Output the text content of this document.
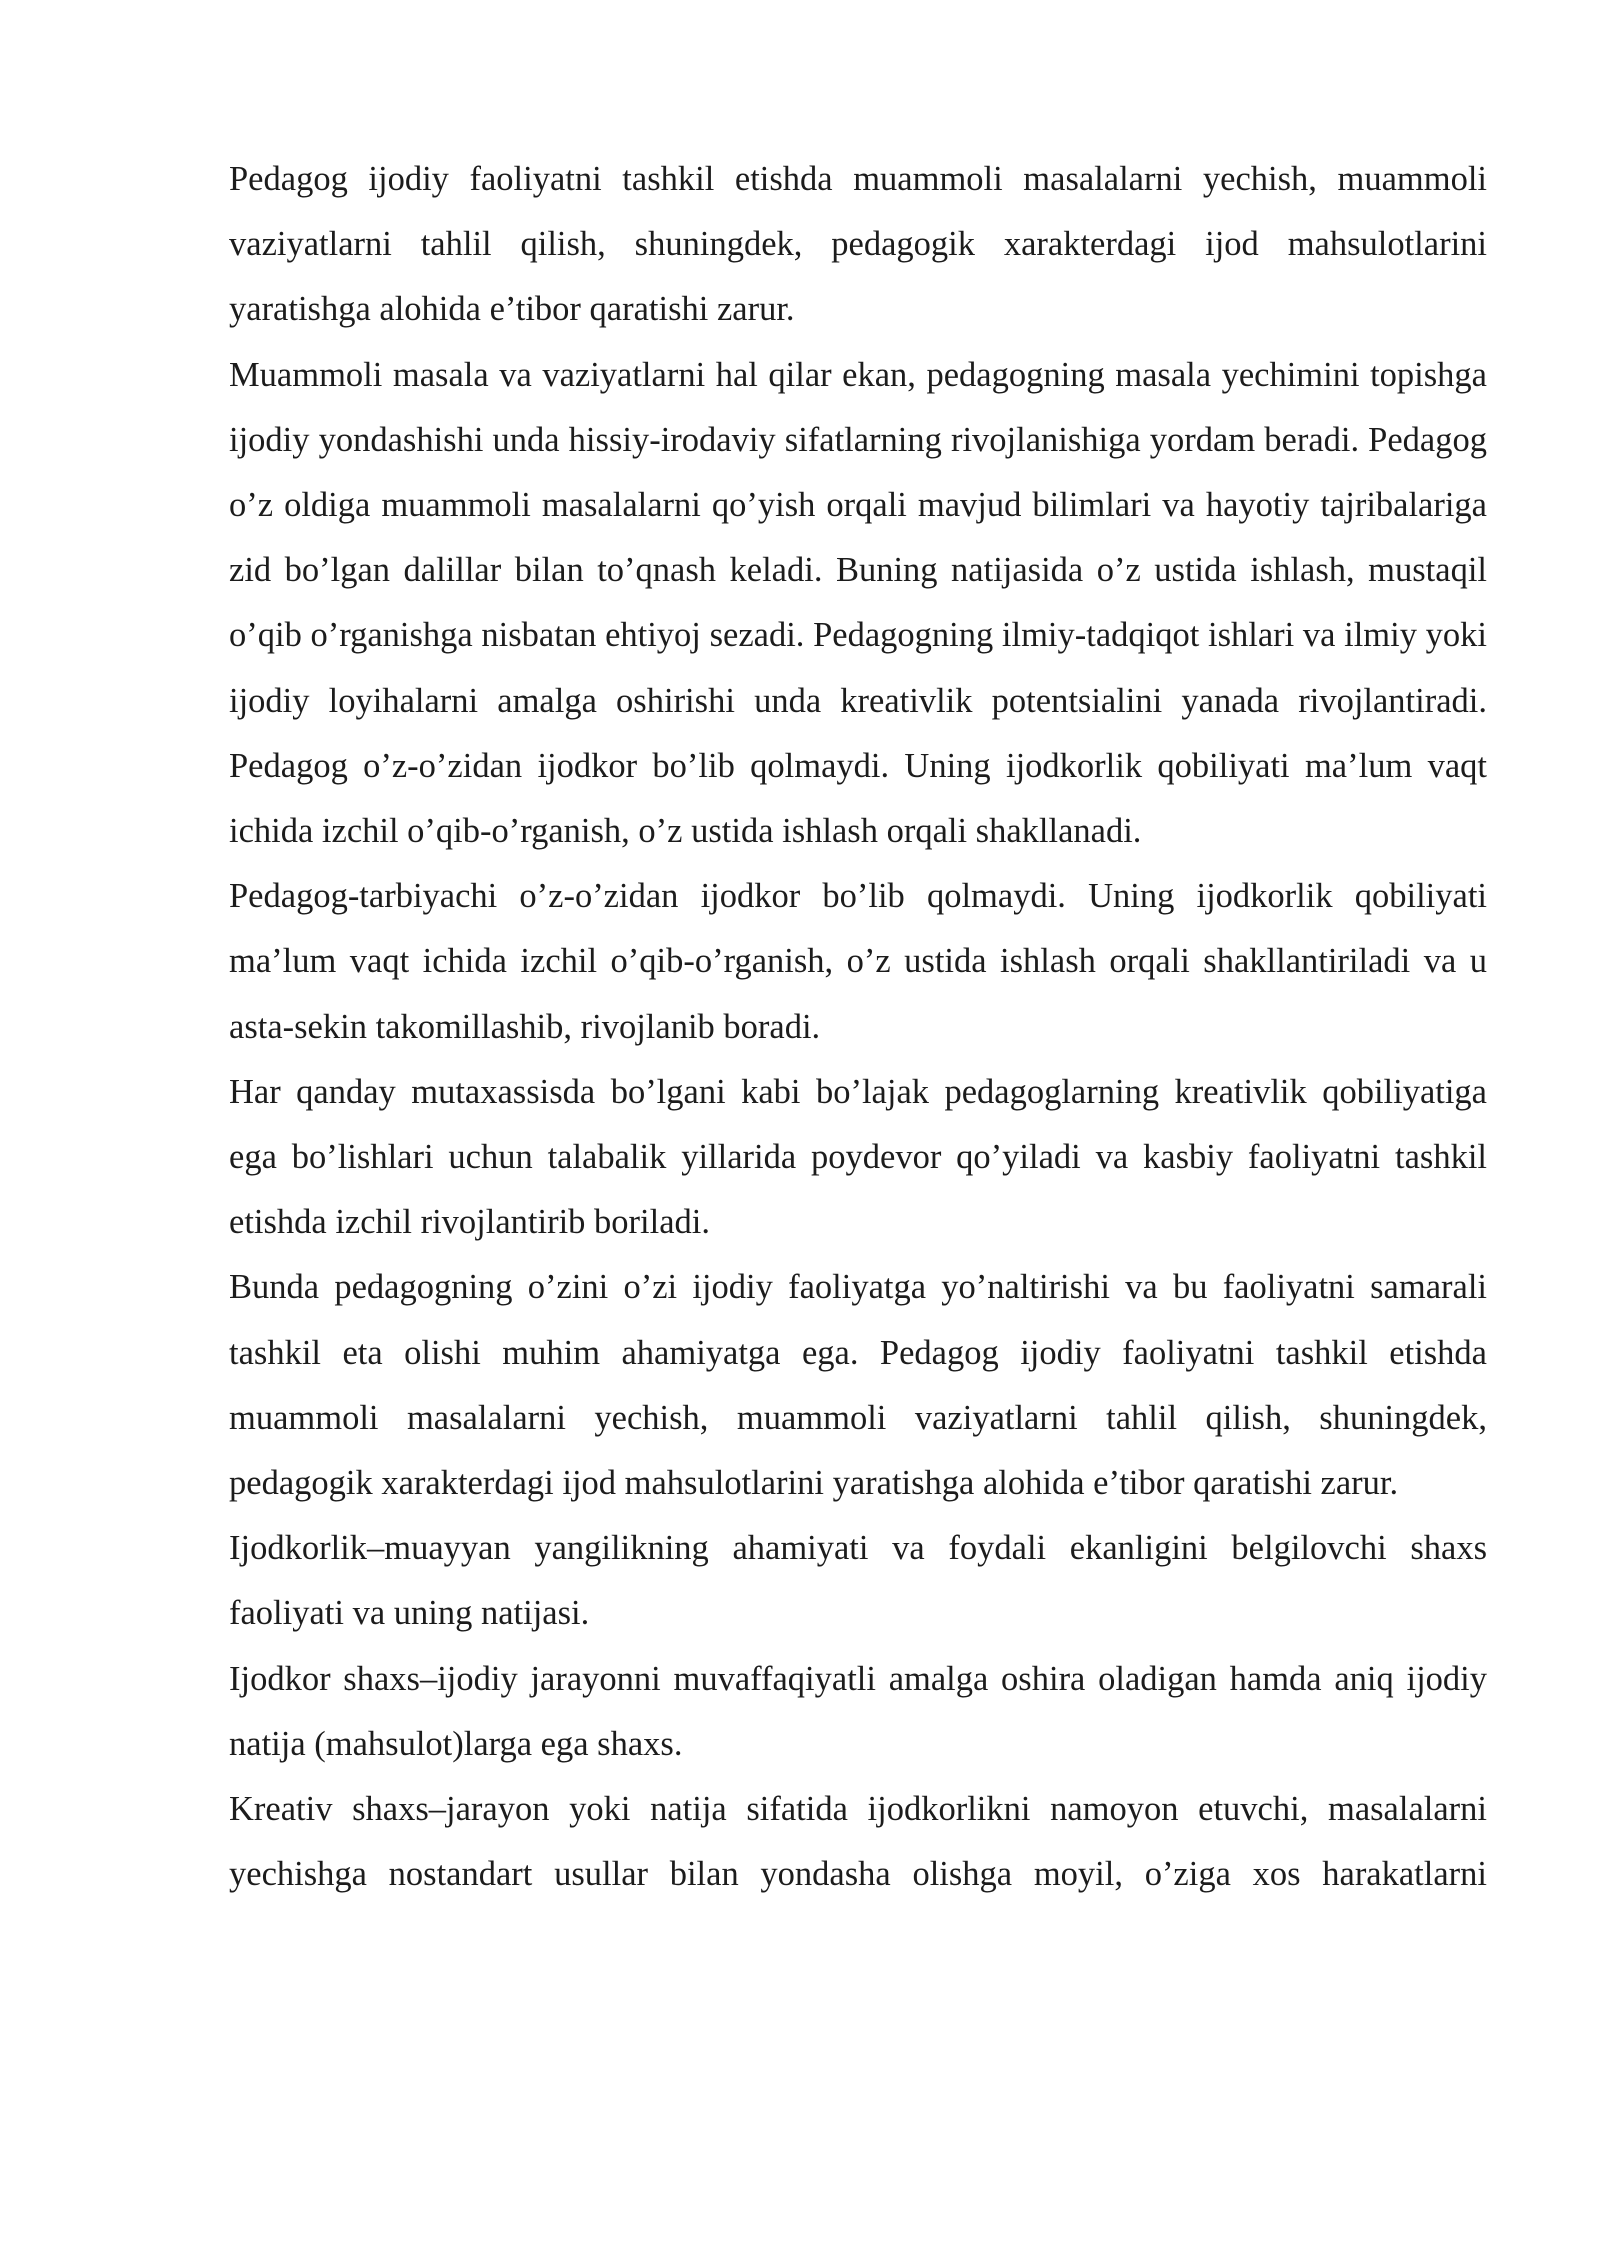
Pedagog ijodiy faoliyatni tashkil etishda muammoli masalalarni yechish, muammoli vaziyatlarni tahlil qilish, shuningdek, pedagogik xarakterdagi ijod mahsulotlarini yaratishga alohida e’tibor qaratishi zarur.

Muammoli masala va vaziyatlarni hal qilar ekan, pedagogning masala yechimini topishga ijodiy yondashishi unda hissiy-irodaviy sifatlarning rivojlanishiga yordam beradi. Pedagog o’z oldiga muammoli masalalarni qo’yish orqali mavjud bilimlari va hayotiy tajribalariga zid bo’lgan dalillar bilan to’qnash keladi. Buning natijasida o’z ustida ishlash, mustaqil o’qib o’rganishga nisbatan ehtiyoj sezadi. Pedagogning ilmiy-tadqiqot ishlari va ilmiy yoki ijodiy loyihalarni amalga oshirishi unda kreativlik potentsialini yanada rivojlantiradi. Pedagog o’z-o’zidan ijodkor bo’lib qolmaydi. Uning ijodkorlik qobiliyati ma’lum vaqt ichida izchil o’qib-o’rganish, o’z ustida ishlash orqali shakllanadi.

Pedagog-tarbiyachi o’z-o’zidan ijodkor bo’lib qolmaydi. Uning ijodkorlik qobiliyati ma’lum vaqt ichida izchil o’qib-o’rganish, o’z ustida ishlash orqali shakllantiriladi va u asta-sekin takomillashib, rivojlanib boradi.

Har qanday mutaxassisda bo’lgani kabi bo’lajak pedagoglarning kreativlik qobiliyatiga ega bo’lishlari uchun talabalik yillarida poydevor qo’yiladi va kasbiy faoliyatni tashkil etishda izchil rivojlantirib boriladi.

Bunda pedagogning o’zini o’zi ijodiy faoliyatga yo’naltirishi va bu faoliyatni samarali tashkil eta olishi muhim ahamiyatga ega. Pedagog ijodiy faoliyatni tashkil etishda muammoli masalalarni yechish, muammoli vaziyatlarni tahlil qilish, shuningdek, pedagogik xarakterdagi ijod mahsulotlarini yaratishga alohida e’tibor qaratishi zarur.

Ijodkorlik–muayyan yangilikning ahamiyati va foydali ekanligini belgilovchi shaxs faoliyati va uning natijasi.

Ijodkor shaxs–ijodiy jarayonni muvaffaqiyatli amalga oshira oladigan hamda aniq ijodiy natija (mahsulot)larga ega shaxs.

Kreativ shaxs–jarayon yoki natija sifatida ijodkorlikni namoyon etuvchi, masalalarni yechishga nostandart usullar bilan yondasha olishga moyil, o’ziga xos harakatlarni
